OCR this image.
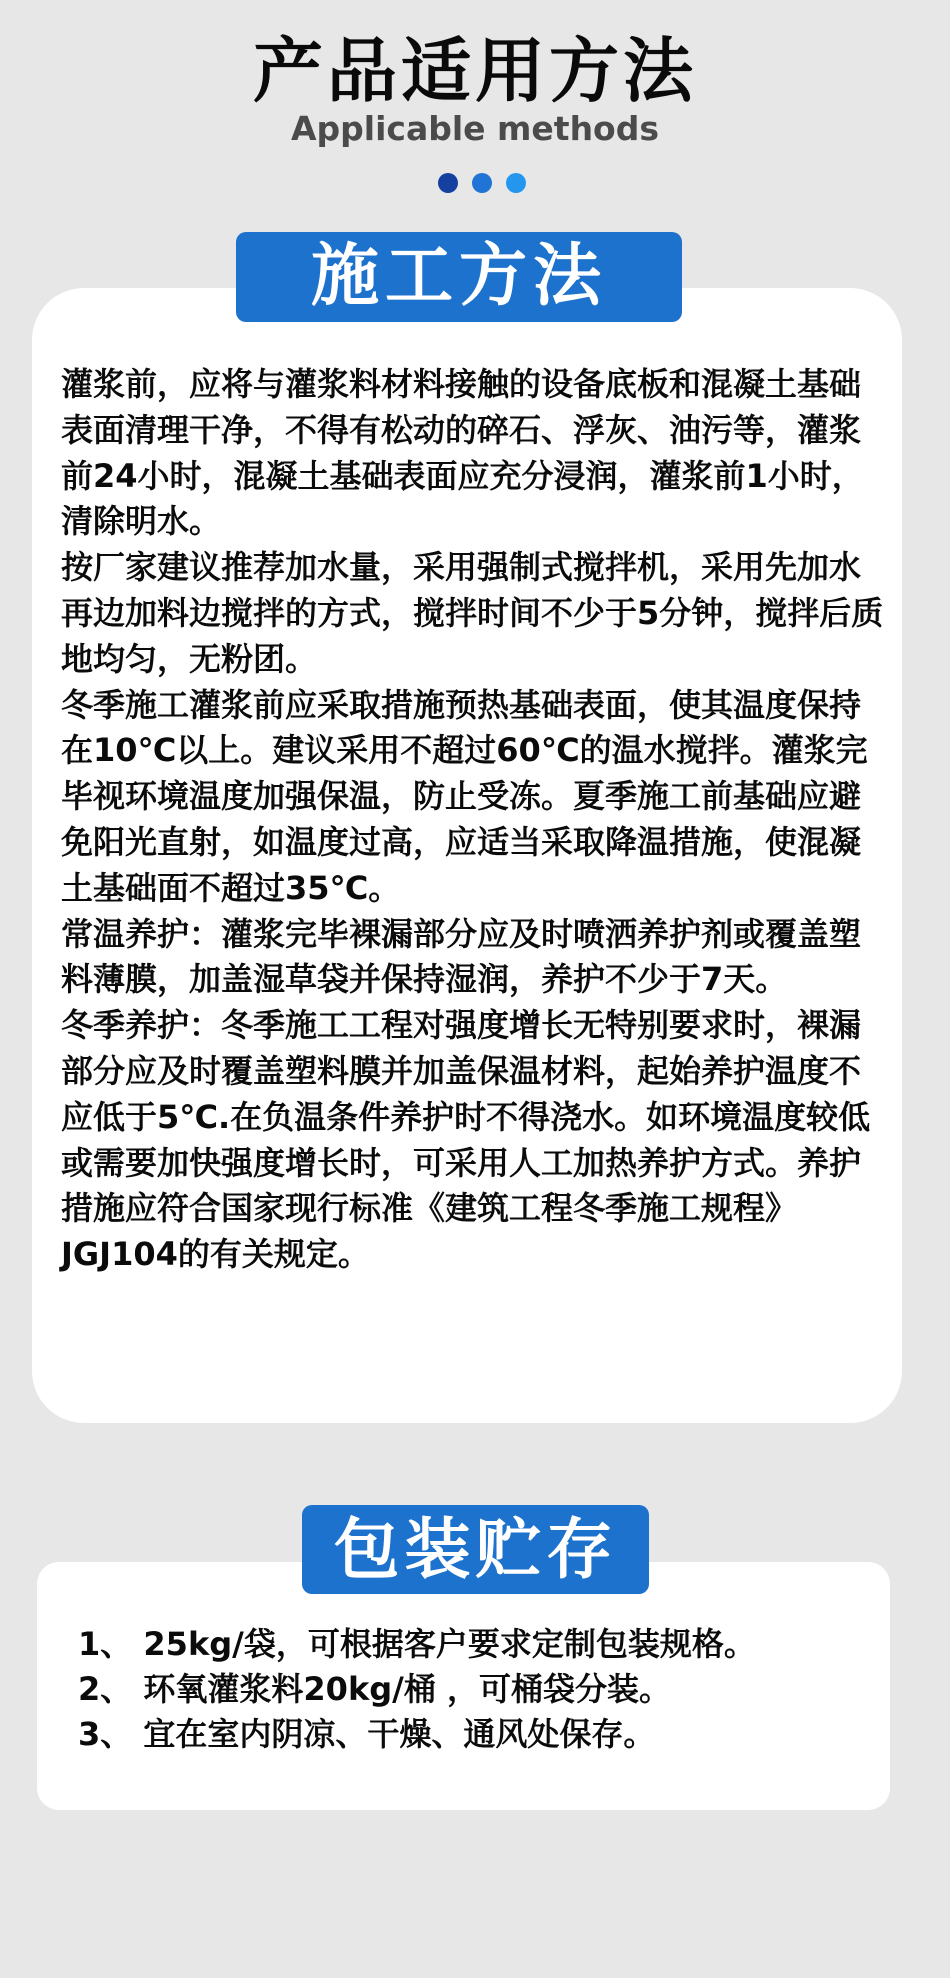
产品适用方法
Applicable methods
施工方法

灌浆前，应将与灌浆料材料接触的设备底板和混凝土基础表面清理干净，不得有松动的碎石、浮灰、油污等，灌浆前24小时，混凝土基础表面应充分浸润，灌浆前1小时，清除明水。

按厂家建议推荐加水量，采用强制式搅拌机，采用先加水再边加料边搅拌的方式，搅拌时间不少于5分钟，搅拌后质地均匀，无粉团。

冬季施工灌浆前应采取措施预热基础表面，使其温度保持在10℃以上。建议采用不超过60℃的温水搅拌。灌浆完毕视环境温度加强保温，防止受冻。夏季施工前基础应避免阳光直射，如温度过高，应适当采取降温措施，使混凝土基础面不超过35℃。

常温养护：灌浆完毕裸漏部分应及时喷洒养护剂或覆盖塑料薄膜，加盖湿草袋并保持湿润，养护不少于7天。

冬季养护：冬季施工工程对强度增长无特别要求时，裸漏部分应及时覆盖塑料膜并加盖保温材料，起始养护温度不应低于5℃.在负温条件养护时不得浇水。如环境温度较低或需要加快强度增长时，可采用人工加热养护方式。养护措施应符合国家现行标准《建筑工程冬季施工规程》JGJ104的有关规定。

包装贮存

1、 25kg/袋，可根据客户要求定制包装规格。

2、 环氧灌浆料20kg/桶 ，可桶袋分装。

3、 宜在室内阴凉、干燥、通风处保存。
